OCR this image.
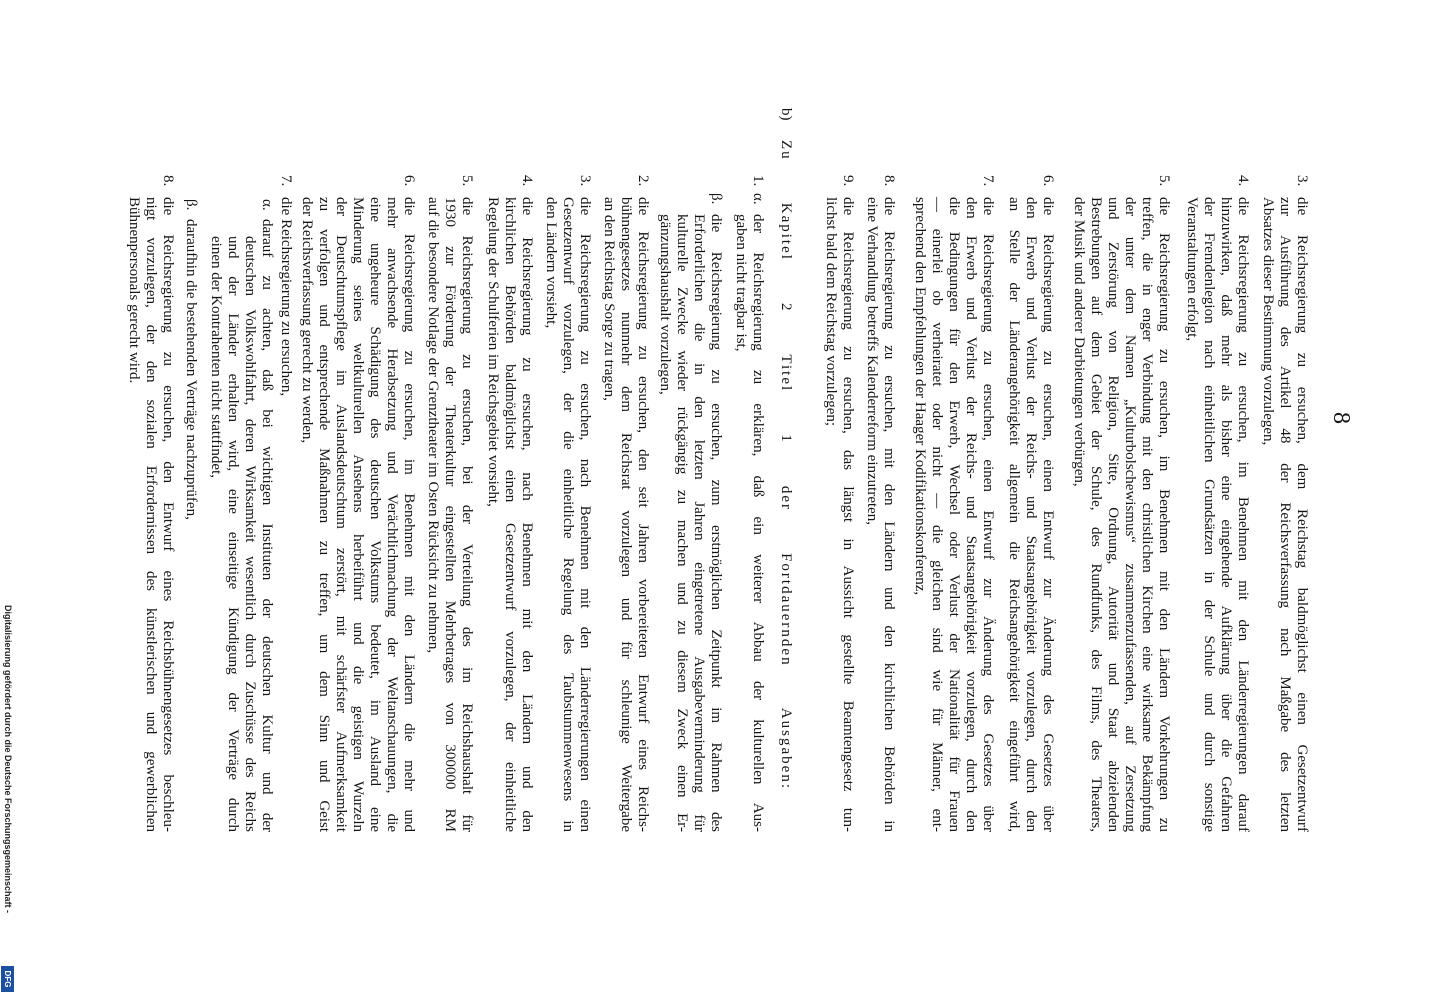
8
3.
die Reichsregierung zu ersuchen, dem Reichstag baldmöglichst einen Gesetzentwurf
zur Ausführung des Artikel 48 der Reichsverfassung nach Maßgabe des letzten
Absatzes dieser Bestimmung vorzulegen,
4.
die Reichsregierung zu ersuchen, im Benehmen mit den Länderregierungen darauf
hinzuwirken, daß mehr als bisher eine eingehende Aufklärung über die Gefahren
der Fremdenlegion nach einheitlichen Grundsätzen in der Schule und durch sonstige
Veranstaltungen erfolgt,
5.
die Reichsregierung zu ersuchen, im Benehmen mit den Ländern Vorkehrungen zu
treffen, die in enger Verbindung mit den christlichen Kirchen eine wirksame Bekämpfung
der unter dem Namen „Kulturbolschewismus“ zusammenzufassenden, auf Zersetzung
und Zerstörung von Religion, Sitte, Ordnung, Autorität und Staat abzielenden
Bestrebungen auf dem Gebiet der Schule, des Rundfunks, des Films, des Theaters,
der Musik und anderer Darbietungen verbürgen,
6.
die Reichsregierung zu ersuchen, einen Entwurf zur Änderung des Gesetzes über
den Erwerb und Verlust der Reichs- und Staatsangehörigkeit vorzulegen, durch den
an Stelle der Länderangehörigkeit allgemein die Reichsangehörigkeit eingeführt wird,
7.
die Reichsregierung zu ersuchen, einen Entwurf zur Änderung des Gesetzes über
den Erwerb und Verlust der Reichs- und Staatsangehörigkeit vorzulegen, durch den
die Bedingungen für den Erwerb, Wechsel oder Verlust der Nationalität für Frauen
— einerlei ob verheiratet oder nicht — die gleichen sind wie für Männer, ent-
sprechend den Empfehlungen der Haager Kodifikationskonferenz,
8.
die Reichsregierung zu ersuchen, mit den Ländern und den kirchlichen Behörden in
eine Verhandlung betreffs Kalenderreform einzutreten,
9.
die Reichsregierung zu ersuchen, das längst in Aussicht gestellte Beamtengesetz tun-
lichst bald dem Reichstag vorzulegen;
b)
Zu Kapitel 2 Titel 1 der Fortdauernden Ausgaben:
1.
α.
der Reichsregierung zu erklären, daß ein weiterer Abbau der kulturellen Aus-
gaben nicht tragbar ist,
β.
die Reichsregierung zu ersuchen, zum erstmöglichen Zeitpunkt im Rahmen des
Erforderlichen die in den letzten Jahren eingetretene Ausgabeverminderung für
kulturelle Zwecke wieder rückgängig zu machen und zu diesem Zweck einen Er-
gänzungshaushalt vorzulegen,
2.
die Reichsregierung zu ersuchen, den seit Jahren vorbereiteten Entwurf eines Reichs-
bühnengesetzes nunmehr dem Reichsrat vorzulegen und für schleunige Weitergabe
an den Reichstag Sorge zu tragen,
3.
die Reichsregierung zu ersuchen, nach Benehmen mit den Länderregierungen einen
Gesetzentwurf vorzulegen, der die einheitliche Regelung des Taubstummenwesens in
den Ländern vorsieht,
4.
die Reichsregierung zu ersuchen, nach Benehmen mit den Ländern und den
kirchlichen Behörden baldmöglichst einen Gesetzentwurf vorzulegen, der einheitliche
Regelung der Schulferien im Reichsgebiet vorsieht,
5.
die Reichsregierung zu ersuchen, bei der Verteilung des im Reichshaushalt für
1930 zur Förderung der Theaterkultur eingestellten Mehrbetrages von 300000 RM
auf die besondere Notlage der Grenztheater im Osten Rücksicht zu nehmen,
6.
die Reichsregierung zu ersuchen, im Benehmen mit den Ländern die mehr und
mehr anwachsende Herabsetzung und Verächtlichmachung der Weltanschauungen, die
eine ungeheure Schädigung des deutschen Volkstums bedeutet, im Ausland eine
Minderung seines weltkulturellen Ansehens herbeiführt und die geistigen Wurzeln
der Deutschtumspflege im Auslandsdeutschtum zerstört, mit schärfster Aufmerksamkeit
zu verfolgen und entsprechende Maßnahmen zu treffen, um dem Sinn und Geist
der Reichsverfassung gerecht zu werden,
7.
die Reichsregierung zu ersuchen,
α.
darauf zu achten, daß bei wichtigen Instituten der deutschen Kultur und der
deutschen Volkswohlfahrt, deren Wirksamkeit wesentlich durch Zuschüsse des Reichs
und der Länder erhalten wird, eine einseitige Kündigung der Verträge durch
einen der Kontrahenten nicht stattfindet,
β.
daraufhin die bestehenden Verträge nachzuprüfen,
8.
die Reichsregierung zu ersuchen, den Entwurf eines Reichsbühnengesetzes beschleu-
nigt vorzulegen, der den sozialen Erfordernissen des künstlerischen und gewerblichen
Bühnenpersonals gerecht wird.
Digitalisierung gefördert durch die Deutsche Forschungsgemeinschaft -
DFG
